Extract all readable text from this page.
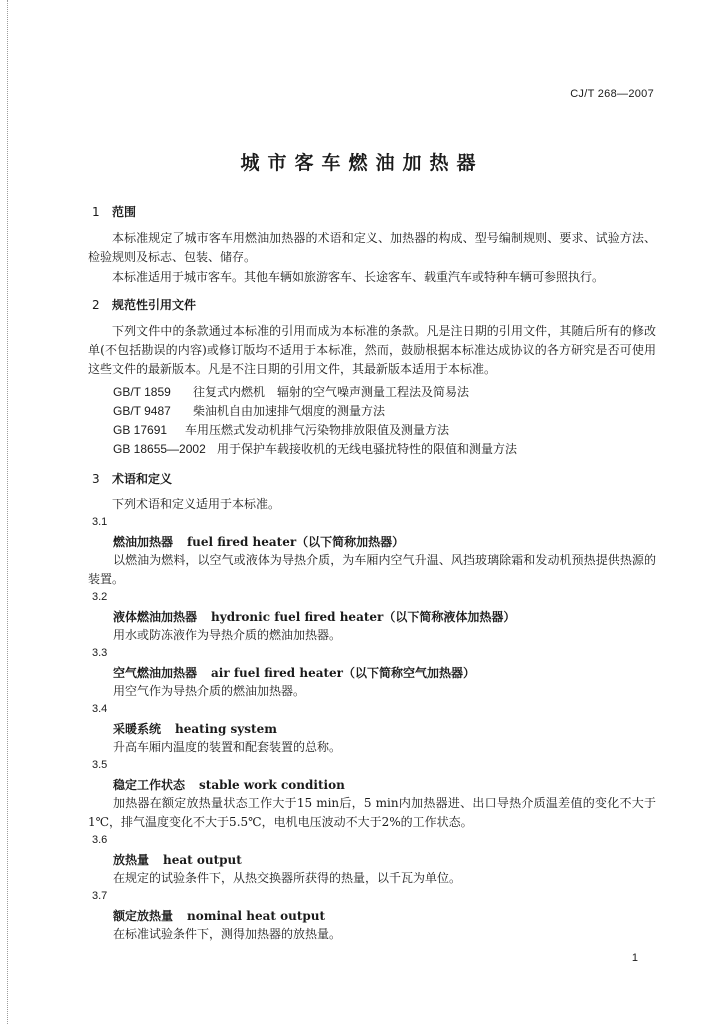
CJ/T 268—2007
城市客车燃油加热器
1 范围
本标准规定了城市客车用燃油加热器的术语和定义、加热器的构成、型号编制规则、要求、试验方法、检验规则及标志、包装、储存。
本标准适用于城市客车。其他车辆如旅游客车、长途客车、载重汽车或特种车辆可参照执行。
2 规范性引用文件
下列文件中的条款通过本标准的引用而成为本标准的条款。凡是注日期的引用文件，其随后所有的修改单(不包括勘误的内容)或修订版均不适用于本标准，然而，鼓励根据本标准达成协议的各方研究是否可使用这些文件的最新版本。凡是不注日期的引用文件，其最新版本适用于本标准。
GB/T 1859 往复式内燃机　辐射的空气噪声测量工程法及简易法
GB/T 9487 柴油机自由加速排气烟度的测量方法
GB 17691 车用压燃式发动机排气污染物排放限值及测量方法
GB 18655—2002 用于保护车载接收机的无线电骚扰特性的限值和测量方法
3 术语和定义
下列术语和定义适用于本标准。
3.1
燃油加热器 fuel fired heater（以下简称加热器）
以燃油为燃料，以空气或液体为导热介质，为车厢内空气升温、风挡玻璃除霜和发动机预热提供热源的装置。
3.2
液体燃油加热器 hydronic fuel fired heater（以下简称液体加热器）
用水或防冻液作为导热介质的燃油加热器。
3.3
空气燃油加热器 air fuel fired heater（以下简称空气加热器）
用空气作为导热介质的燃油加热器。
3.4
采暖系统 heating system
升高车厢内温度的装置和配套装置的总称。
3.5
稳定工作状态 stable work condition
加热器在额定放热量状态工作大于15 min后，5 min内加热器进、出口导热介质温差值的变化不大于1℃，排气温度变化不大于5.5℃，电机电压波动不大于2%的工作状态。
3.6
放热量 heat output
在规定的试验条件下，从热交换器所获得的热量，以千瓦为单位。
3.7
额定放热量 nominal heat output
在标准试验条件下，测得加热器的放热量。
1
